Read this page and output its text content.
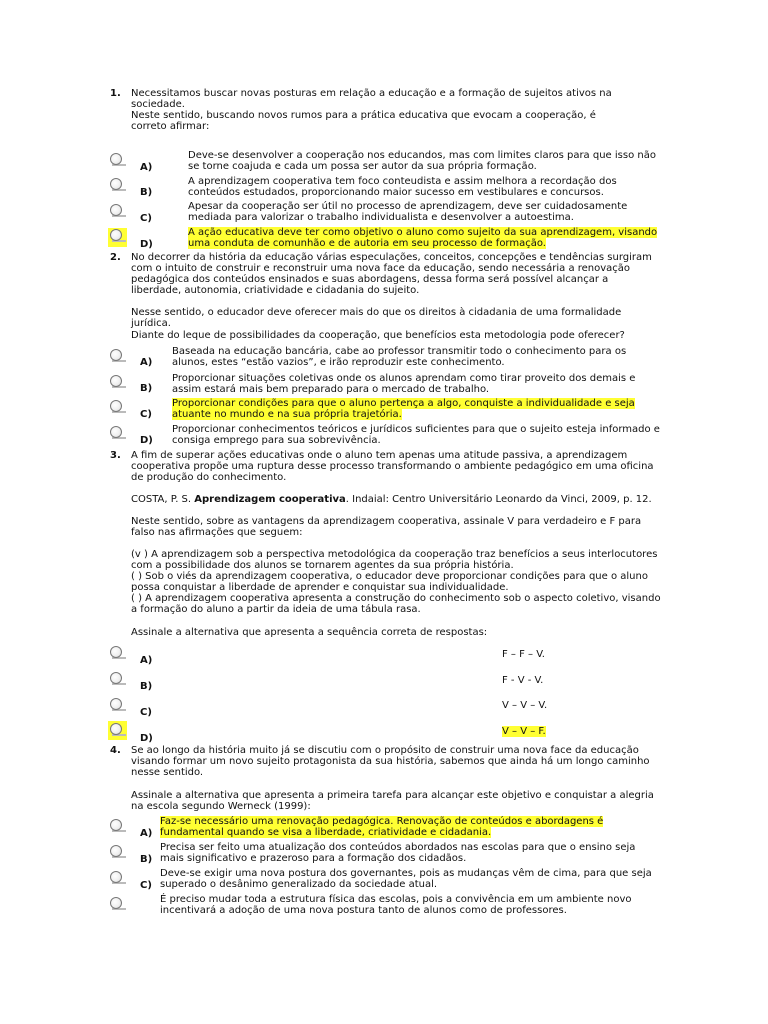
1. Necessitamos buscar novas posturas em relação a educação e a formação de sujeitos ativos na sociedade.
Neste sentido, buscando novos rumos para a prática educativa que evocam a cooperação, é correto afirmar:
A)
Deve-se desenvolver a cooperação nos educandos, mas com limites claros para que isso não se torne coajuda e cada um possa ser autor da sua própria formação.
B)
A aprendizagem cooperativa tem foco conteudista e assim melhora a recordação dos conteúdos estudados, proporcionando maior sucesso em vestibulares e concursos.
C)
Apesar da cooperação ser útil no processo de aprendizagem, deve ser cuidadosamente mediada para valorizar o trabalho individualista e desenvolver a autoestima.
D)
A ação educativa deve ter como objetivo o aluno como sujeito da sua aprendizagem, visando uma conduta de comunhão e de autoria em seu processo de formação.
2. No decorrer da história da educação várias especulações, conceitos, concepções e tendências surgiram com o intuito de construir e reconstruir uma nova face da educação, sendo necessária a renovação pedagógica dos conteúdos ensinados e suas abordagens, dessa forma será possível alcançar a liberdade, autonomia, criatividade e cidadania do sujeito.
Nesse sentido, o educador deve oferecer mais do que os direitos à cidadania de uma formalidade jurídica.
Diante do leque de possibilidades da cooperação, que benefícios esta metodologia pode oferecer?
A)
Baseada na educação bancária, cabe ao professor transmitir todo o conhecimento para os alunos, estes “estão vazios”, e irão reproduzir este conhecimento.
B)
Proporcionar situações coletivas onde os alunos aprendam como tirar proveito dos demais e assim estará mais bem preparado para o mercado de trabalho.
C)
Proporcionar condições para que o aluno pertença a algo, conquiste a individualidade e seja atuante no mundo e na sua própria trajetória.
D)
Proporcionar conhecimentos teóricos e jurídicos suficientes para que o sujeito esteja informado e consiga emprego para sua sobrevivência.
3. A fim de superar ações educativas onde o aluno tem apenas uma atitude passiva, a aprendizagem cooperativa propõe uma ruptura desse processo transformando o ambiente pedagógico em uma oficina de produção do conhecimento.
COSTA, P. S. Aprendizagem cooperativa. Indaial: Centro Universitário Leonardo da Vinci, 2009, p. 12.
Neste sentido, sobre as vantagens da aprendizagem cooperativa, assinale V para verdadeiro e F para falso nas afirmações que seguem:
(v ) A aprendizagem sob a perspectiva metodológica da cooperação traz benefícios a seus interlocutores com a possibilidade dos alunos se tornarem agentes da sua própria história.
( ) Sob o viés da aprendizagem cooperativa, o educador deve proporcionar condições para que o aluno possa conquistar a liberdade de aprender e conquistar sua individualidade.
( ) A aprendizagem cooperativa apresenta a construção do conhecimento sob o aspecto coletivo, visando a formação do aluno a partir da ideia de uma tábula rasa.
Assinale a alternativa que apresenta a sequência correta de respostas:
A)
F – F – V.
B)
F - V - V.
C)
V – V – V.
D)
V – V – F.
4. Se ao longo da história muito já se discutiu com o propósito de construir uma nova face da educação visando formar um novo sujeito protagonista da sua história, sabemos que ainda há um longo caminho nesse sentido.
Assinale a alternativa que apresenta a primeira tarefa para alcançar este objetivo e conquistar a alegria na escola segundo Werneck (1999):
A)
Faz-se necessário uma renovação pedagógica. Renovação de conteúdos e abordagens é fundamental quando se visa a liberdade, criatividade e cidadania.
B)
Precisa ser feito uma atualização dos conteúdos abordados nas escolas para que o ensino seja mais significativo e prazeroso para a formação dos cidadãos.
C)
Deve-se exigir uma nova postura dos governantes, pois as mudanças vêm de cima, para que seja superado o desânimo generalizado da sociedade atual.
É preciso mudar toda a estrutura física das escolas, pois a convivência em um ambiente novo incentivará a adoção de uma nova postura tanto de alunos como de professores.
